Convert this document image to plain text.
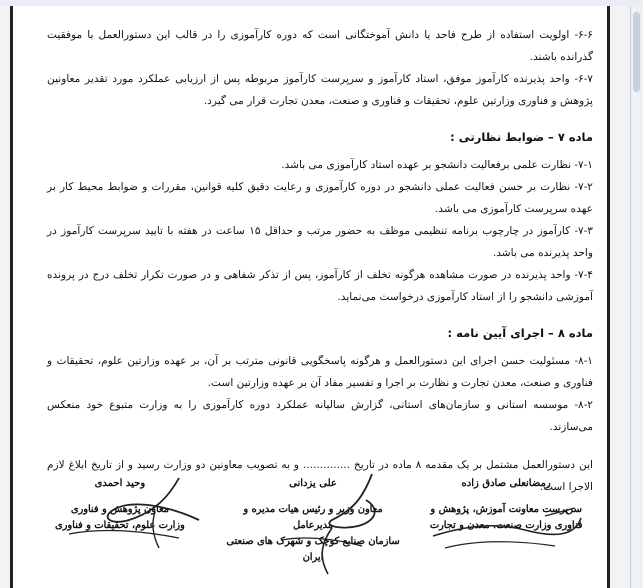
۶-۶- اولویت استفاده از طرح فاحد یا دانش آموختگانی است که دوره کارآموزی را در قالب این دستورالعمل با موفقیت گذرانده باشند.

۶-۷- واحد پذیرنده کارآموز موفق، استاد کارآموز و سرپرست کارآموز مربوطه پس از ارزیابی عملکرد مورد تقدیر معاونین پژوهش و فناوری وزارتین علوم، تحقیقات و فناوری و صنعت، معدن تجارت قرار می گیرد.

ماده ۷ – ضوابط نظارتی :

۷-۱- نظارت علمی برفعالیت دانشجو بر عهده استاد کارآموزی می باشد.

۷-۲- نظارت بر حسن فعالیت عملی دانشجو در دوره کارآموزی و رعایت دقیق کلیه قوانین، مقررات و ضوابط محیط کار بر عهده سرپرست کارآموزی می باشد.

۷-۳- کارآموز در چارچوب برنامه تنظیمی موظف به حضور مرتب و حداقل ۱۵ ساعت در هفته با تایید سرپرست کارآموز در واحد پذیرنده می باشد.

۷-۴- واحد پذیرنده در صورت مشاهده هرگونه تخلف از کارآموز، پس از تذکر شفاهی و در صورت تکرار تخلف درج در پرونده آموزشی دانشجو را از استاد کارآموزی درخواست می‌نماید.

ماده ۸ – اجرای آیین نامه :

۸-۱- مسئولیت حسن اجرای این دستورالعمل و هرگونه پاسخگویی قانونی مترتب بر آن، بر عهده وزارتین علوم، تحقیقات و فناوری و صنعت، معدن تجارت و نظارت بر اجرا و تفسیر مفاد آن بر عهده وزارتین است.

۸-۲- موسسه استانی و سازمان‌های استانی، گزارش سالیانه عملکرد دوره کارآموزی را به وزارت متبوع خود منعکس می‌سازند.

این دستورالعمل مشتمل بر یک مقدمه ۸ ماده در تاریخ .............. و به تصویب معاونین دو وزارت رسید و از تاریخ ابلاغ لازم الاجرا است.

رمضانعلی صادق زاده
سرپرست معاونت آموزش، پژوهش و
فناوری وزارت صنعت، معدن و تجارت
علی یزدانی
معاون وزیر و رئیس هیات مدیره و مدیرعامل
سازمان صنایع کوچک و شهرک های صنعتی ایران
وحید احمدی
معاون پژوهش و فناوری
وزارت علوم، تحقیقات و فناوری
